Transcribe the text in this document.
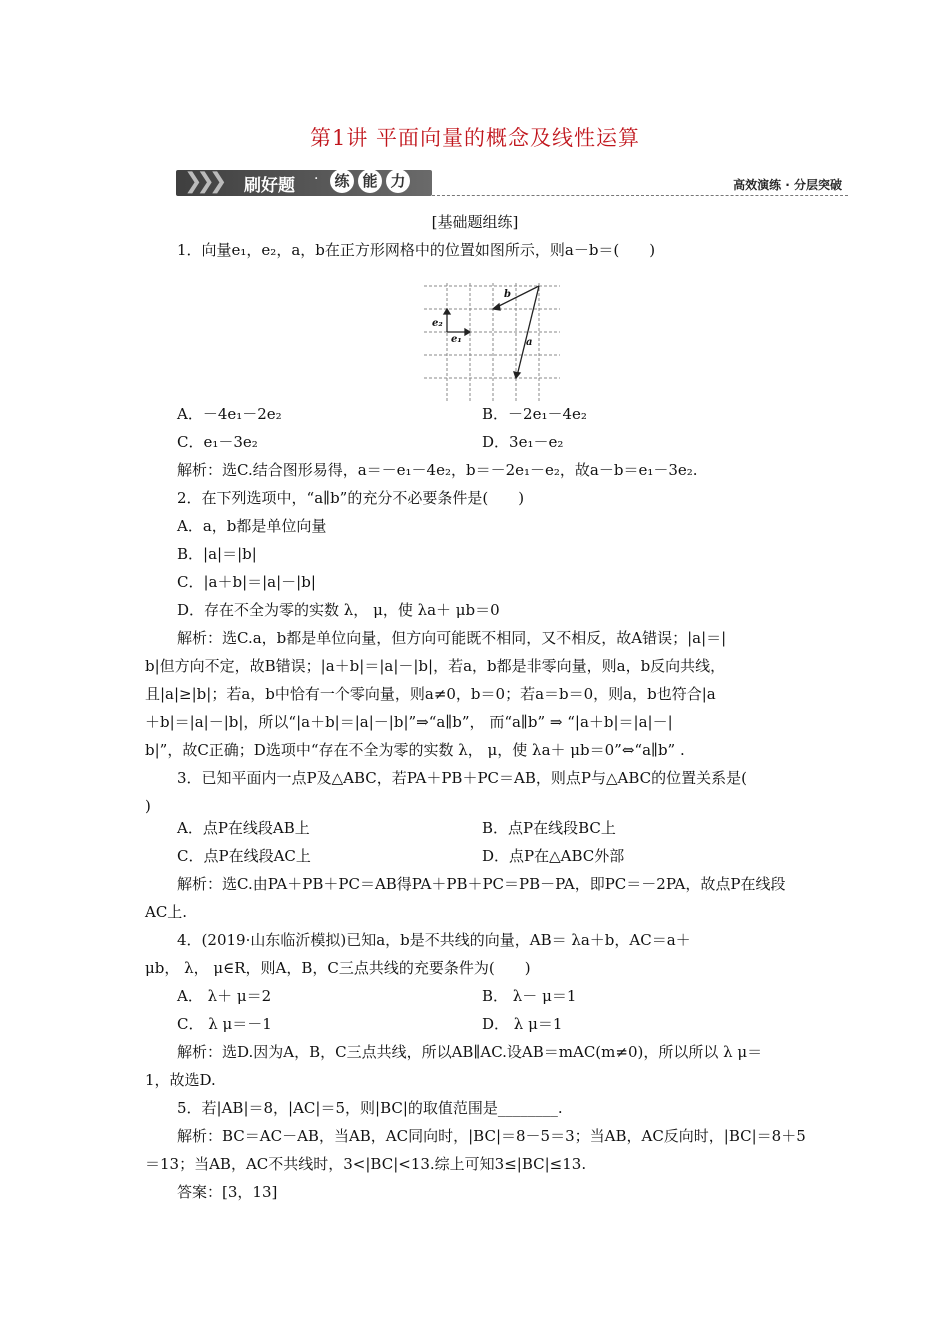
第1讲 平面向量的概念及线性运算
❯❯❯ 刷好题 · 练 能 力	高效演练 · 分层突破
[基础题组练]
1．向量e₁，e₂，a，b在正方形网格中的位置如图所示，则a－b＝(　　)
b
a
e₁
e₂
A．－4e₁－2e₂	B．－2e₁－4e₂
C．e₁－3e₂	D．3e₁－e₂
解析：选C.结合图形易得，a＝－e₁－4e₂，b＝－2e₁－e₂，故a－b＝e₁－3e₂.
2．在下列选项中，“a∥b”的充分不必要条件是(　　)
A．a，b都是单位向量
B．|a|＝|b|
C．|a＋b|＝|a|－|b|
D．存在不全为零的实数 λ， μ，使 λa＋ μb＝0
解析：选C.a，b都是单位向量，但方向可能既不相同，又不相反，故A错误；|a|＝|
b|但方向不定，故B错误；|a＋b|＝|a|－|b|，若a，b都是非零向量，则a，b反向共线，
且|a|≥|b|；若a，b中恰有一个零向量，则a≠0，b＝0；若a＝b＝0，则a，b也符合|a
＋b|＝|a|－|b|，所以“|a＋b|＝|a|－|b|”⇒“a∥b”， 而“a∥b” ⇒ “|a＋b|＝|a|－|
b|”，故C正确；D选项中“存在不全为零的实数 λ， μ，使 λa＋ μb＝0”⇔“a∥b” .
3．已知平面内一点P及△ABC，若PA＋PB＋PC＝AB，则点P与△ABC的位置关系是(
)
A．点P在线段AB上	B．点P在线段BC上
C．点P在线段AC上	D．点P在△ABC外部
解析：选C.由PA＋PB＋PC＝AB得PA＋PB＋PC＝PB－PA，即PC＝－2PA，故点P在线段
AC上.
4．(2019·山东临沂模拟)已知a，b是不共线的向量，AB＝ λa＋b，AC＝a＋
μb， λ， μ∈R，则A，B，C三点共线的充要条件为(　　)
A． λ＋ μ＝2	B． λ－ μ＝1
C． λ μ＝－1	D． λ μ＝1
解析：选D.因为A，B，C三点共线，所以AB∥AC.设AB＝mAC(m≠0)，所以所以 λ μ＝
1，故选D.
5．若|AB|＝8，|AC|＝5，则|BC|的取值范围是________.
解析：BC＝AC－AB，当AB，AC同向时，|BC|＝8－5＝3；当AB，AC反向时，|BC|＝8＋5
＝13；当AB，AC不共线时，3<|BC|<13.综上可知3≤|BC|≤13.
答案：[3，13]
